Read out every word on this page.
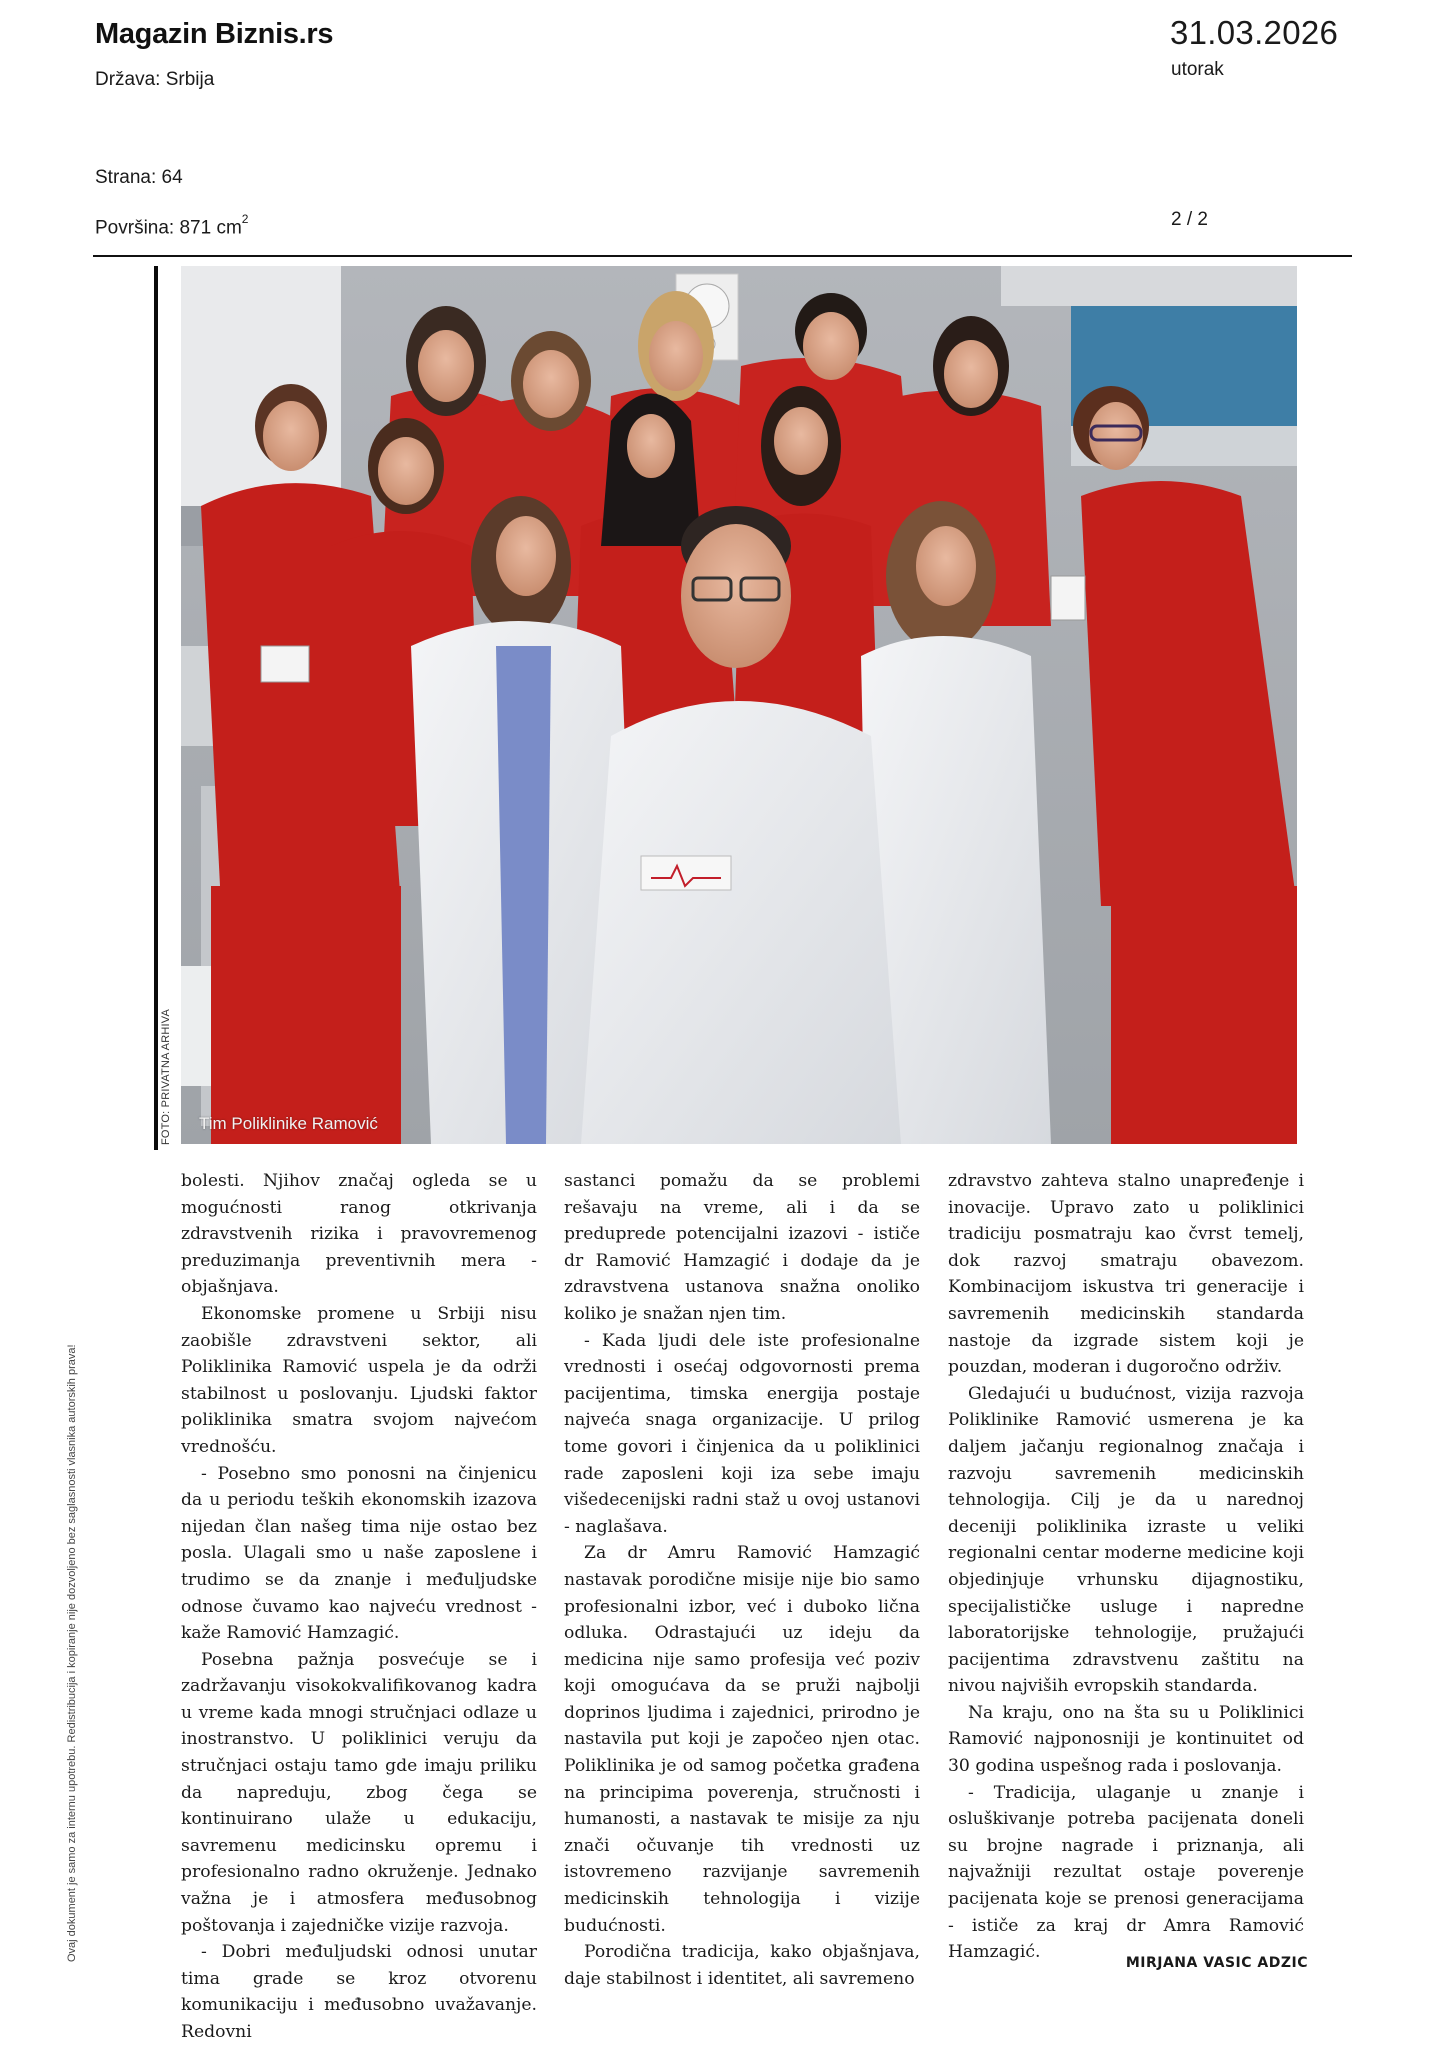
Magazin Biznis.rs
Država: Srbija
Strana: 64
Površina: 871 $cm^2$
31.03.2026
utorak
2 / 2
FOTO: PRIVATNA ARHIVA Tim Poliklinike Ramović

bolesti. Njihov značaj ogleda se u mogućnosti ranog otkrivanja zdravstvenih rizika i pravovremenog preduzimanja preventivnih mera - objašnjava.

Ekonomske promene u Srbiji nisu zaobišle zdravstveni sektor, ali Poliklinika Ramović uspela je da održi stabilnost u poslovanju. Ljudski faktor poliklinika smatra svojom najvećom vrednošću.

- Posebno smo ponosni na činjenicu da u periodu teških ekonomskih izazova nijedan član našeg tima nije ostao bez posla. Ulagali smo u naše zaposlene i trudimo se da znanje i međuljudske odnose čuvamo kao najveću vrednost - kaže Ramović Hamzagić.

Posebna pažnja posvećuje se i zadržavanju visokokvalifikovanog kadra u vreme kada mnogi stručnjaci odlaze u inostranstvo. U poliklinici veruju da stručnjaci ostaju tamo gde imaju priliku da napreduju, zbog čega se kontinuirano ulaže u edukaciju, savremenu medicinsku opremu i profesionalno radno okruženje. Jednako važna je i atmosfera međusobnog poštovanja i zajedničke vizije razvoja.

- Dobri međuljudski odnosi unutar tima grade se kroz otvorenu komunikaciju i međusobno uvažavanje. Redovni

sastanci pomažu da se problemi rešavaju na vreme, ali i da se preduprede potencijalni izazovi - ističe dr Ramović Hamzagić i dodaje da je zdravstvena ustanova snažna onoliko koliko je snažan njen tim.

- Kada ljudi dele iste profesionalne vrednosti i osećaj odgovornosti prema pacijentima, timska energija postaje najveća snaga organizacije. U prilog tome govori i činjenica da u poliklinici rade zaposleni koji iza sebe imaju višedecenijski radni staž u ovoj ustanovi - naglašava.

Za dr Amru Ramović Hamzagić nastavak porodične misije nije bio samo profesionalni izbor, već i duboko lična odluka. Odrastajući uz ideju da medicina nije samo profesija već poziv koji omogućava da se pruži najbolji doprinos ljudima i zajednici, prirodno je nastavila put koji je započeo njen otac. Poliklinika je od samog početka građena na principima poverenja, stručnosti i humanosti, a nastavak te misije za nju znači očuvanje tih vrednosti uz istovremeno razvijanje savremenih medicinskih tehnologija i vizije budućnosti.

Porodična tradicija, kako objašnjava, daje stabilnost i identitet, ali savremeno

zdravstvo zahteva stalno unapređenje i inovacije. Upravo zato u poliklinici tradiciju posmatraju kao čvrst temelj, dok razvoj smatraju obavezom. Kombinacijom iskustva tri generacije i savremenih medicinskih standarda nastoje da izgrade sistem koji je pouzdan, moderan i dugoročno održiv.

Gledajući u budućnost, vizija razvoja Poliklinike Ramović usmerena je ka daljem jačanju regionalnog značaja i razvoju savremenih medicinskih tehnologija. Cilj je da u narednoj deceniji poliklinika izraste u veliki regionalni centar moderne medicine koji objedinjuje vrhunsku dijagnostiku, specijalističke usluge i napredne laboratorijske tehnologije, pružajući pacijentima zdravstvenu zaštitu na nivou najviših evropskih standarda.

Na kraju, ono na šta su u Poliklinici Ramović najponosniji je kontinuitet od 30 godina uspešnog rada i poslovanja.

- Tradicija, ulaganje u znanje i osluškivanje potreba pacijenata doneli su brojne nagrade i priznanja, ali najvažniji rezultat ostaje poverenje pacijenata koje se prenosi generacijama - ističe za kraj dr Amra Ramović Hamzagić.

MIRJANA VASIC ADZIC
Ovaj dokument je samo za internu upotrebu. Redistribucija i kopiranje nije dozvoljeno bez saglasnosti vlasnika autorskih prava!
